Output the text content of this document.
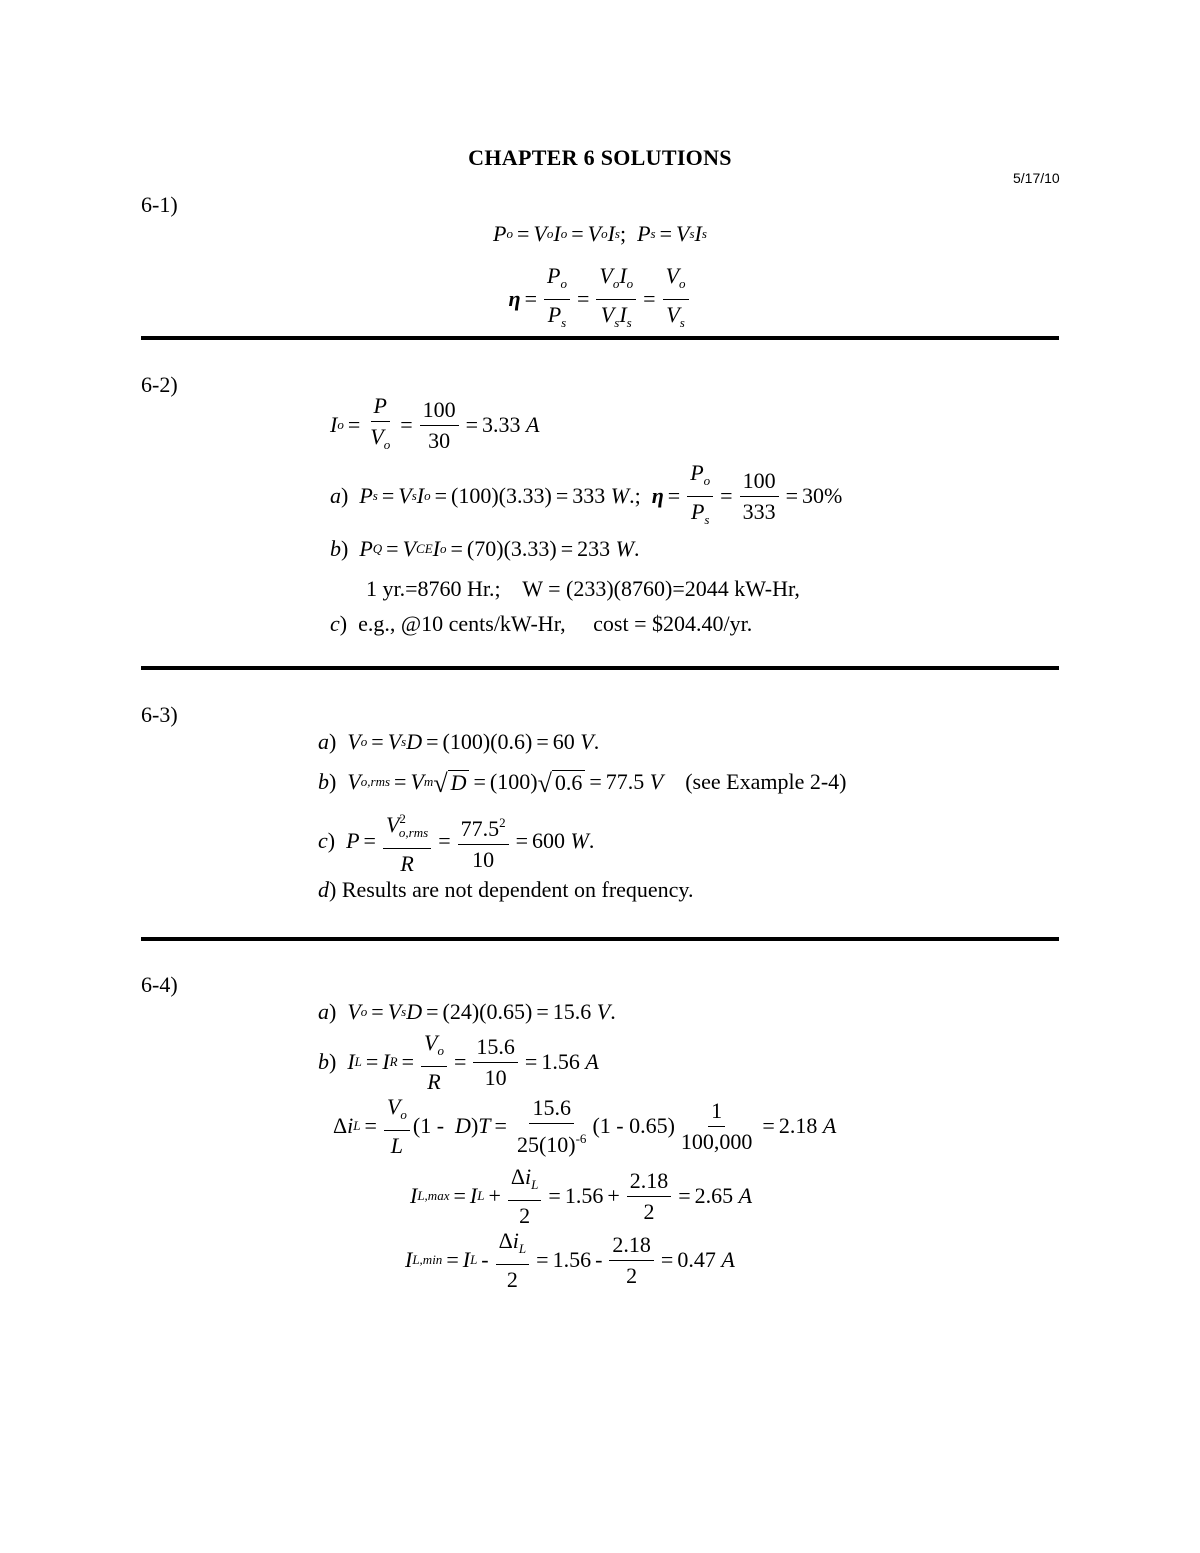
CHAPTER 6 SOLUTIONS
5/17/10
6-1)
P o = V o I o = V o I s ; P s = V s I s
$\eta = \frac{P_o}{P_s} = \frac{V_oI_o}{V_sI_s} = \frac{V_o}{V_s}$
6-2)
I $o = \frac{P}{V_o} = \frac{100}{30} = 3.33$
A
a ) P s = V s I o = (100)(3.33) = 333
W .; $\eta = \frac{P_o}{P_s} = \frac{100}{333} = 30\%$
b ) P Q = V CE I o = (70)(3.33) = 233
W .
1 yr.=8760 Hr.;    W = (233)(8760)=2044 kW-Hr,
c ) e.g., @10 cents/kW-Hr,     cost = $204.40/yr.
6-3)
a ) V o = V s D = (100)(0.6) = 60
V .
b ) V o,rms = V m √ D = (100) √ 0.6 = 77.5
V
(see Example 2-4)
c ) $P = \frac{V^2_{o,rms}}{R} = \frac{77.5^2}{10} = 600$
W .
d ) Results are not dependent on frequency.
6-4)
a ) V o = V s D = (24)(0.65) = 15.6
V .
b ) I L = I $R = \frac{V_o}{R} = \frac{15.6}{10} = 1.56$
A
Δ i $L = \frac{V_o}{L} (1 - D$ ) $T = \frac{15.6}{25(10)^{-6}} (1 - 0.65) \frac{1}{100,000} = 2.18$
A
I L,max = I $L + \frac{\Delta i_L}{2} = 1.56 + \frac{2.18}{2} = 2.65$
A
I L,min = I $L - \frac{\Delta i_L}{2} = 1.56 - \frac{2.18}{2} = 0.47$
A
